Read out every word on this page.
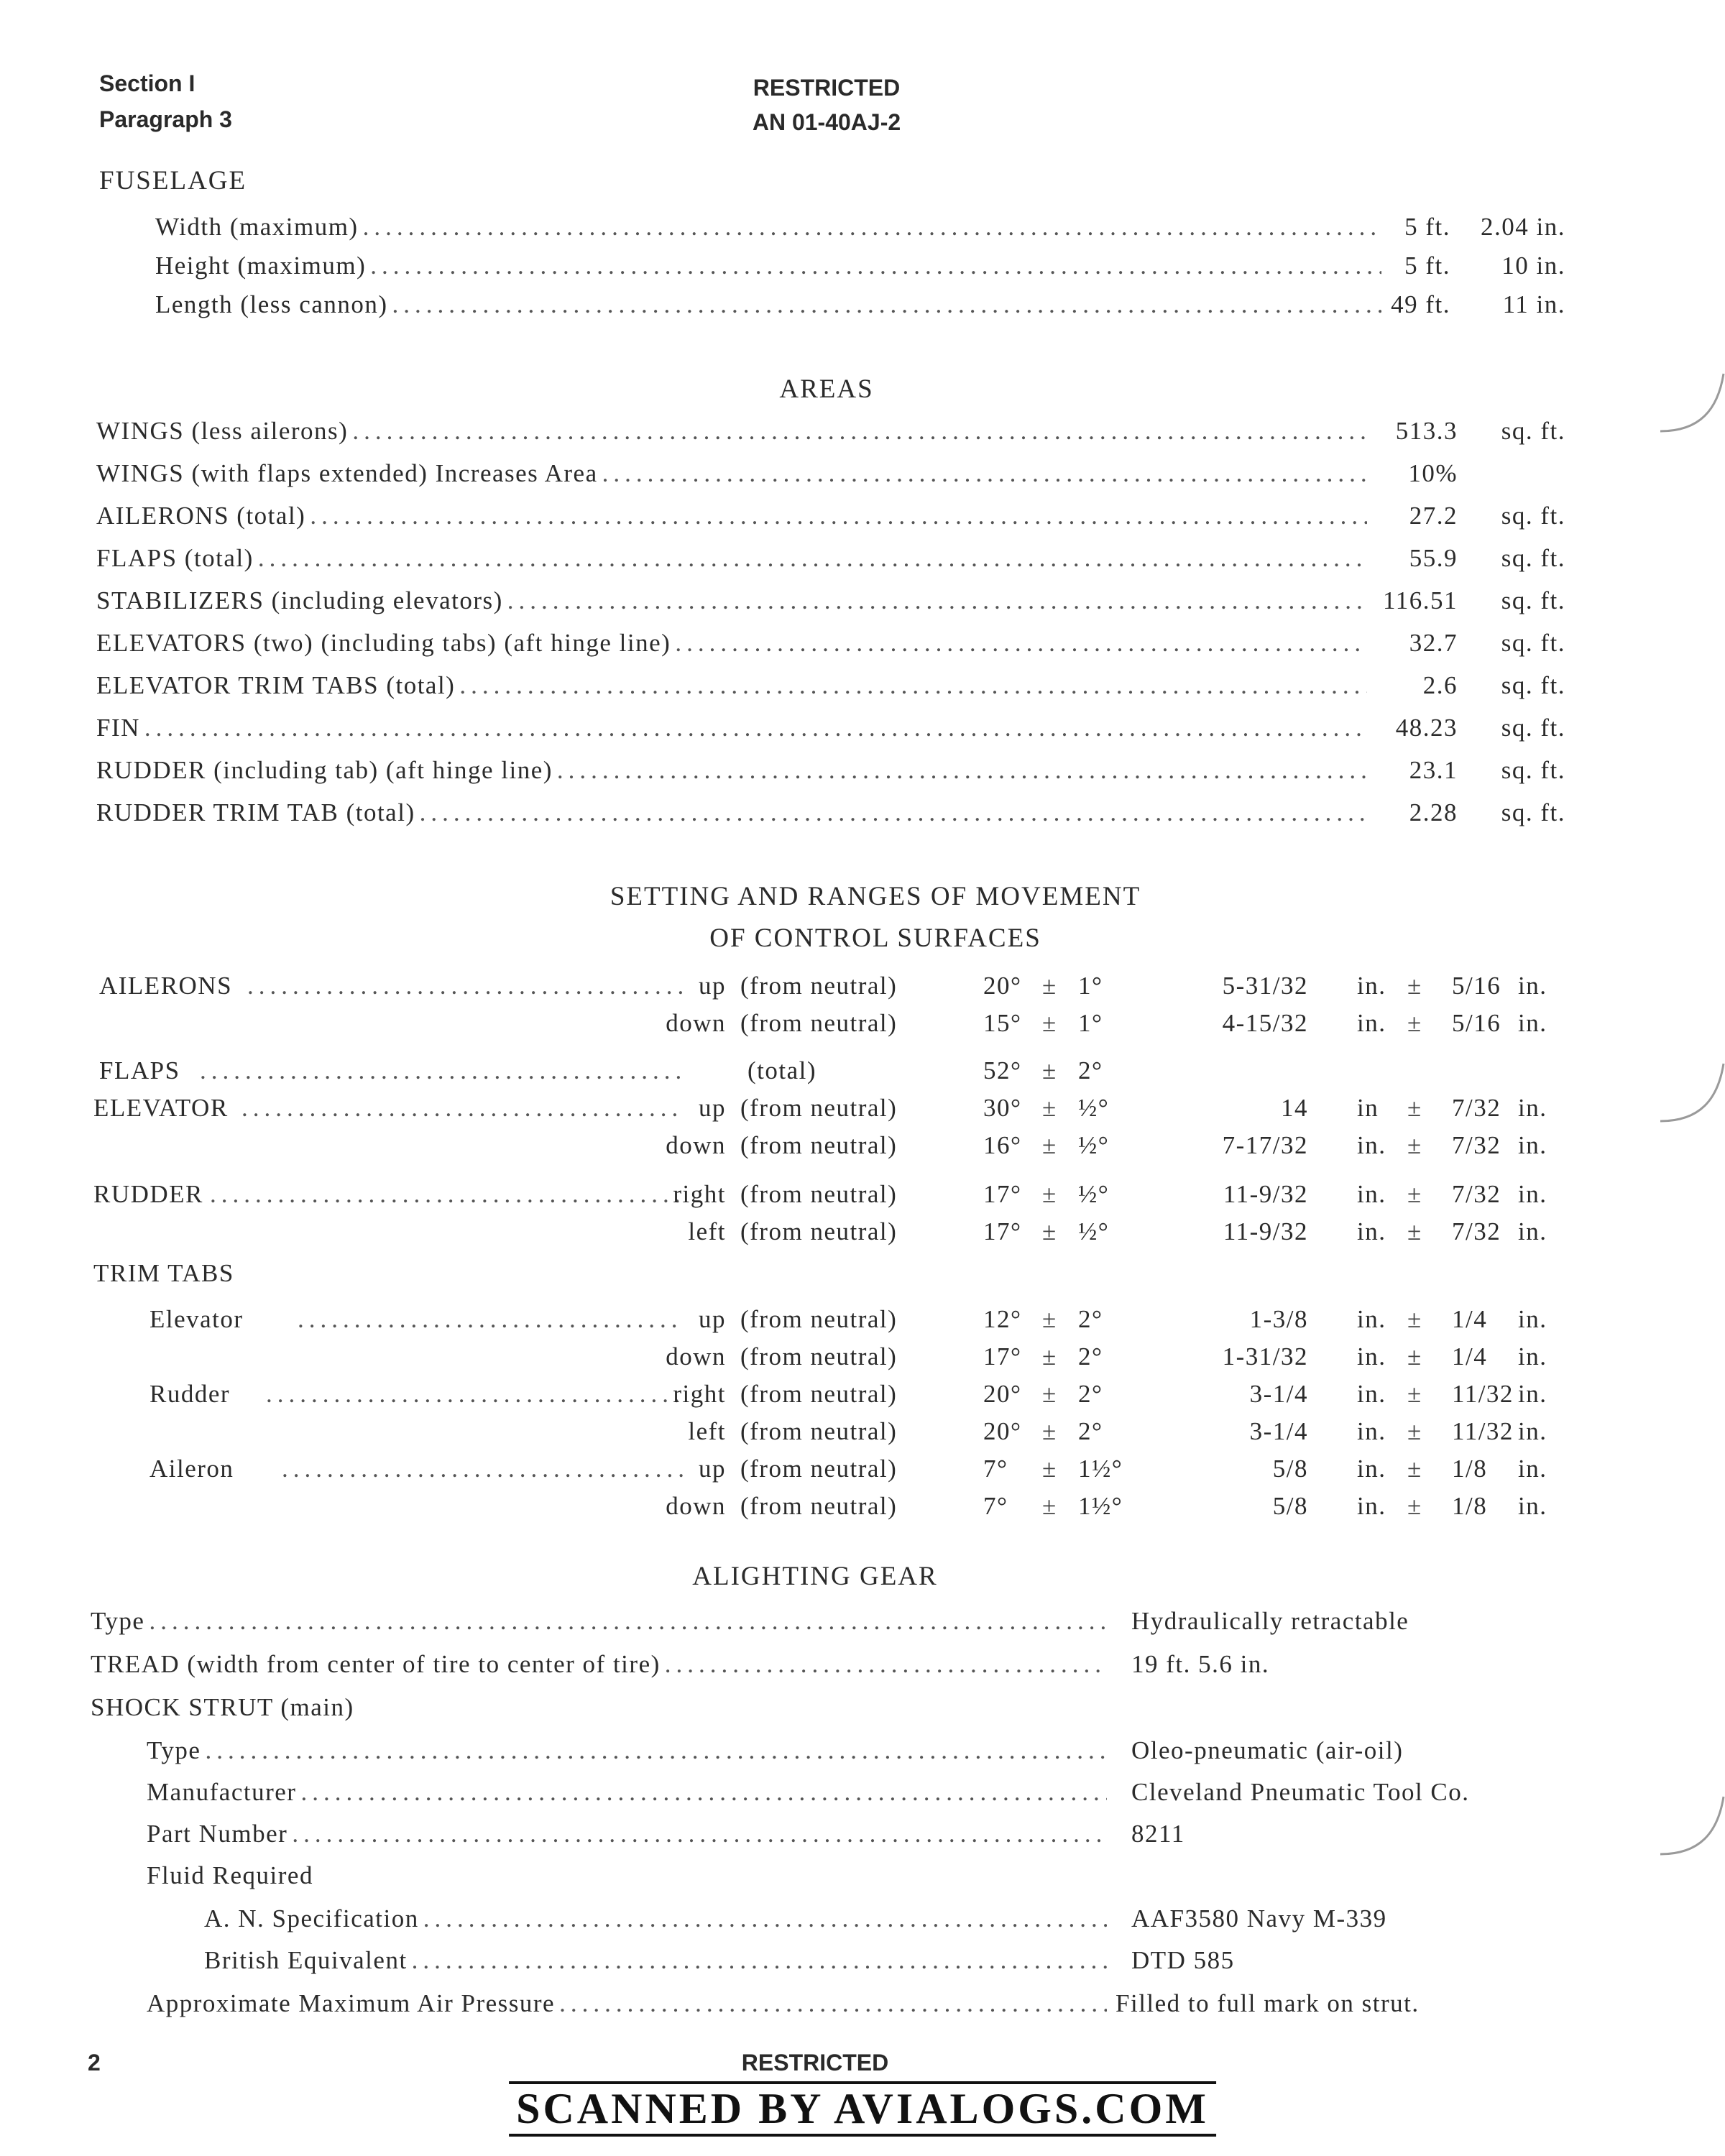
Section I
Paragraph 3
RESTRICTED
AN 01-40AJ-2
FUSELAGE
Width (maximum) .....	5 ft.	2.04 in.
Height (maximum) .....	5 ft.	10 in.
Length (less cannon) .....	49 ft.	11 in.
AREAS
WINGS (less ailerons) .....	513.3	sq. ft.
WINGS (with flaps extended) Increases Area .....	10%
AILERONS (total) .....	27.2	sq. ft.
FLAPS (total) .....	55.9	sq. ft.
STABILIZERS (including elevators) .....	116.51	sq. ft.
ELEVATORS (two) (including tabs) (aft hinge line) .....	32.7	sq. ft.
ELEVATOR TRIM TABS (total) .....	2.6	sq. ft.
FIN .....	48.23	sq. ft.
RUDDER (including tab) (aft hinge line) .....	23.1	sq. ft.
RUDDER TRIM TAB (total) .....	2.28	sq. ft.
SETTING AND RANGES OF MOVEMENT
OF CONTROL SURFACES
TRIM TABS
AILERONS .....	up (from neutral)	20° ± 1°	5-31/32 in. ± 5/16 in.
down (from neutral)	15° ± 1°	4-15/32 in. ± 5/16 in.
FLAPS .....	(total)	52° ± 2°
ELEVATOR .....	up (from neutral)	30° ± ½°	14 in ± 7/32 in.
down (from neutral)	16° ± ½°	7-17/32 in. ± 7/32 in.
RUDDER .....	right (from neutral)	17° ± ½°	11-9/32 in. ± 7/32 in.
left (from neutral)	17° ± ½°	11-9/32 in. ± 7/32 in.
Elevator .....	up (from neutral)	12° ± 2°	1-3/8 in. ± 1/4 in.
down (from neutral)	17° ± 2°	1-31/32 in. ± 1/4 in.
Rudder .....	right (from neutral)	20° ± 2°	3-1/4 in. ± 11/32 in.
left (from neutral)	20° ± 2°	3-1/4 in. ± 11/32 in.
Aileron .....	up (from neutral)	7° ± 1½°	5/8 in. ± 1/8 in.
down (from neutral)	7° ± 1½°	5/8 in. ± 1/8 in.
ALIGHTING GEAR
Type .....	Hydraulically retractable
TREAD (width from center of tire to center of tire) .....	19 ft. 5.6 in.
SHOCK STRUT (main)
Type .....	Oleo-pneumatic (air-oil)
Manufacturer .....	Cleveland Pneumatic Tool Co.
Part Number .....	8211
Fluid Required
A. N. Specification .....	AAF3580 Navy M-339
British Equivalent .....	DTD 585
Approximate Maximum Air Pressure .....	Filled to full mark on strut.
2	RESTRICTED
SCANNED BY AVIALOGS.COM
